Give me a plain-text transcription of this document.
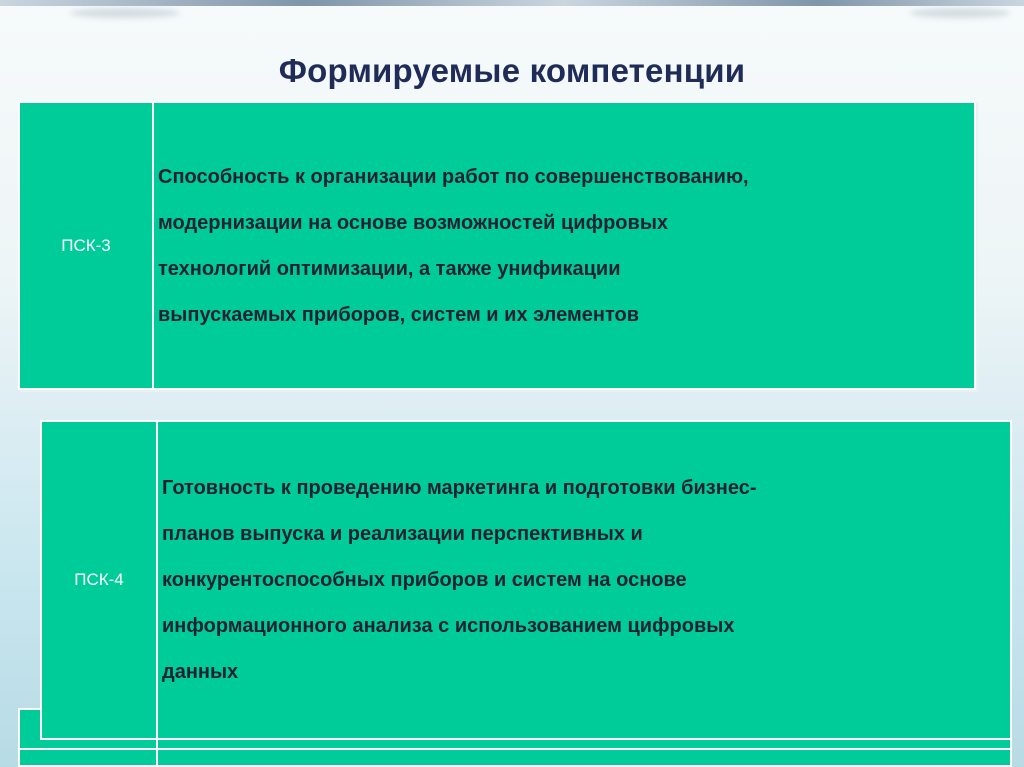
Формируемые компетенции
ПСК-3	
Способность к организации работ по совершенствованию,
модернизации на основе возможностей цифровых
технологий оптимизации, а также унификации
выпускаемых приборов, систем и их элементов
ПСК-4	
Готовность к проведению маркетинга и подготовки бизнес-
планов выпуска и реализации перспективных и
конкурентоспособных приборов и систем на основе
информационного анализа с использованием цифровых
данных
